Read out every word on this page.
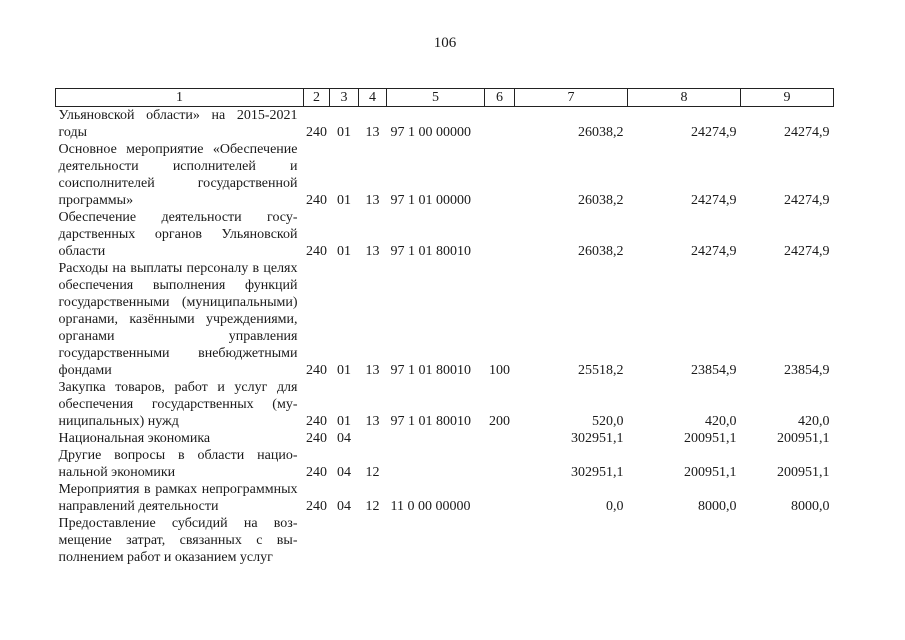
106
1	2	3	4	5	6	7	8	9
Ульяновской области» на 2015-2021 годы	240	01	13	97 1 00 00000		26038,2	24274,9	24274,9
Основное мероприятие «Обеспечение деятельности исполнителей и соисполнителей государственной программы»	240	01	13	97 1 01 00000		26038,2	24274,9	24274,9
Обеспечение деятельности государственных органов Ульяновской области	240	01	13	97 1 01 80010		26038,2	24274,9	24274,9
Расходы на выплаты персоналу в целях обеспечения выполнения функций государственными (муниципальными) органами, казёнными учреждениями, органами управления государственными внебюджетными фондами	240	01	13	97 1 01 80010	100	25518,2	23854,9	23854,9
Закупка товаров, работ и услуг для обеспечения государственных (муниципальных) нужд	240	01	13	97 1 01 80010	200	520,0	420,0	420,0
Национальная экономика	240	04				302951,1	200951,1	200951,1
Другие вопросы в области национальной экономики	240	04	12			302951,1	200951,1	200951,1
Мероприятия в рамках непрограммных направлений деятельности	240	04	12	11 0 00 00000		0,0	8000,0	8000,0
Предоставление субсидий на возмещение затрат, связанных с выполнением работ и оказанием услуг								
